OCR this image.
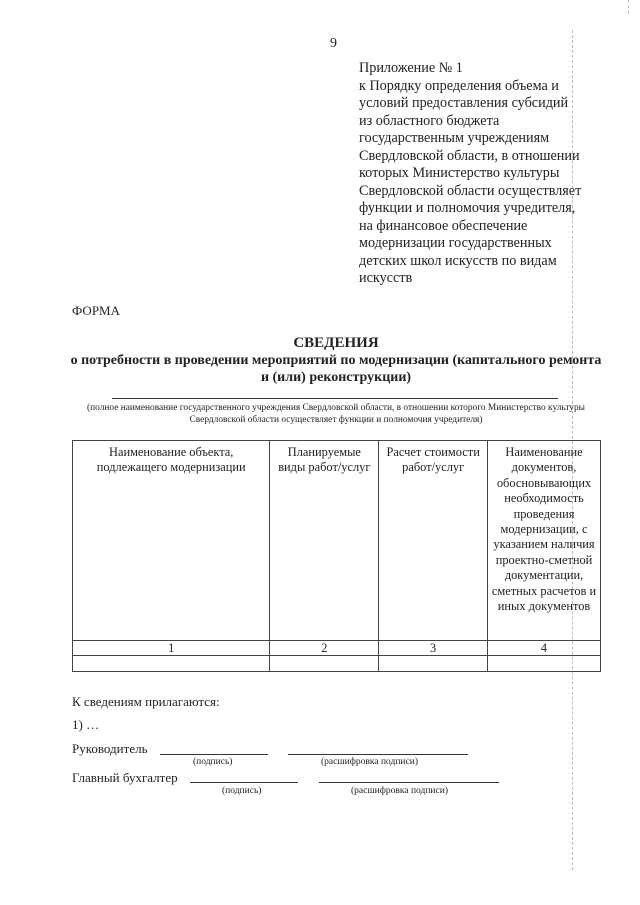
9
Приложение № 1
к Порядку определения объема и
условий предоставления субсидий
из областного бюджета
государственным учреждениям
Свердловской области, в отношении
которых Министерство культуры
Свердловской области осуществляет
функции и полномочия учредителя,
на финансовое обеспечение
модернизации государственных
детских школ искусств по видам
искусств
ФОРМА
СВЕДЕНИЯ
о потребности в проведении мероприятий по модернизации (капитального ремонта и (или) реконструкции)
(полное наименование государственного учреждения Свердловской области, в отношении которого Министерство культуры Свердловской области осуществляет функции и полномочия учредителя)
Наименование объекта, подлежащего модернизации	Планируемые виды работ/услуг	Расчет стоимости работ/услуг	Наименование документов, обосновывающих необходимость проведения модернизации, с указанием наличия проектно-сметной документации, сметных расчетов и иных документов
1	2	3	4

К сведениям прилагаются:
1) …
Руководитель
(подпись)	(расшифровка подписи)
Главный бухгалтер
(подпись)	(расшифровка подписи)
